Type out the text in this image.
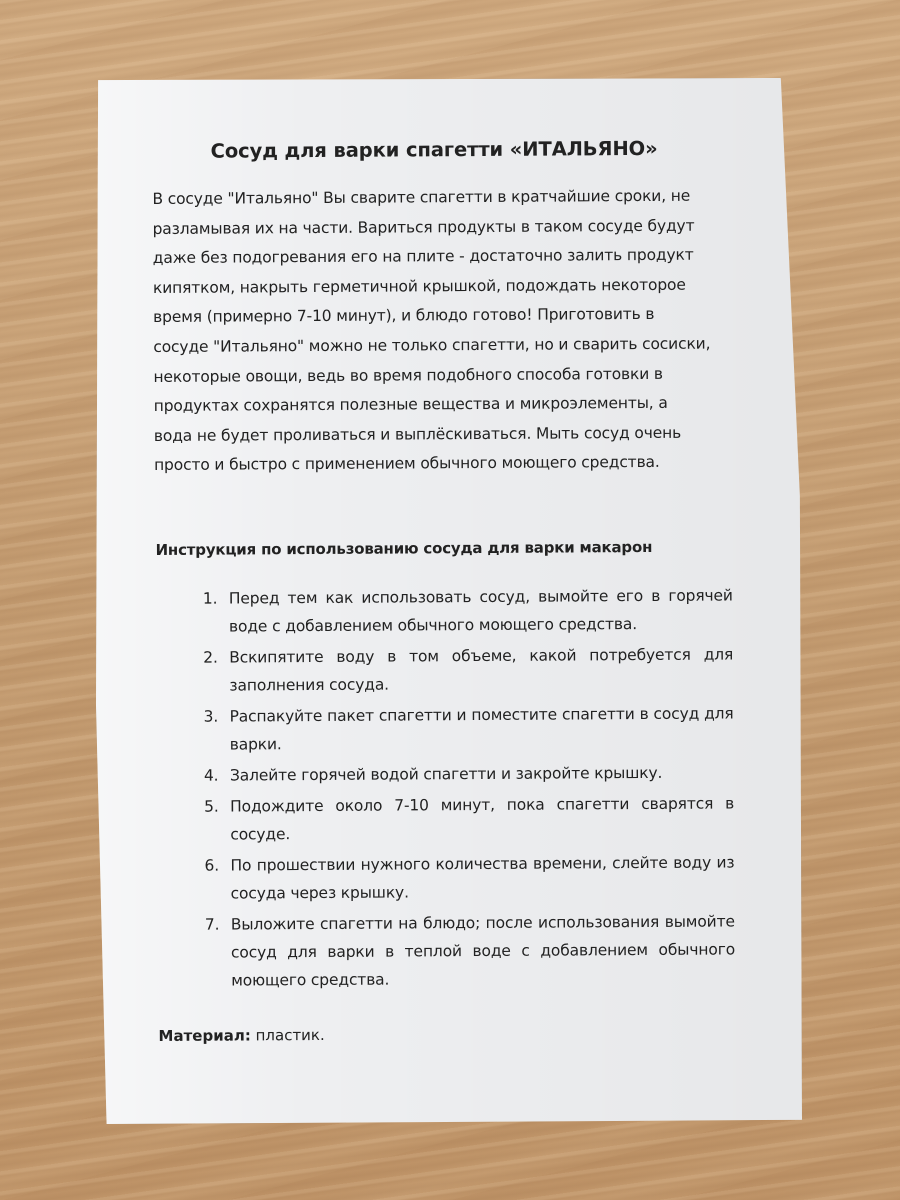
Сосуд для варки спагетти «ИТАЛЬЯНО»
В сосуде "Итальяно" Вы сварите спагетти в кратчайшие сроки, не
разламывая их на части. Вариться продукты в таком сосуде будут
даже без подогревания его на плите - достаточно залить продукт
кипятком, накрыть герметичной крышкой, подождать некоторое
время (примерно 7-10 минут), и блюдо готово! Приготовить в
сосуде "Итальяно" можно не только спагетти, но и сварить сосиски,
некоторые овощи, ведь во время подобного способа готовки в
продуктах сохранятся полезные вещества и микроэлементы, а
вода не будет проливаться и выплёскиваться. Мыть сосуд очень
просто и быстро с применением обычного моющего средства.
Инструкция по использованию сосуда для варки макарон
1. Перед тем как использовать сосуд, вымойте его в горячей воде с добавлением обычного моющего средства.
2. Вскипятите воду в том объеме, какой потребуется для заполнения сосуда.
3. Распакуйте пакет спагетти и поместите спагетти в сосуд для варки.
4. Залейте горячей водой спагетти и закройте крышку.
5. Подождите около 7-10 минут, пока спагетти сварятся в сосуде.
6. По прошествии нужного количества времени, слейте воду из сосуда через крышку.
7. Выложите спагетти на блюдо; после использования вымойте сосуд для варки в теплой воде с добавлением обычного моющего средства.
Материал: пластик.
